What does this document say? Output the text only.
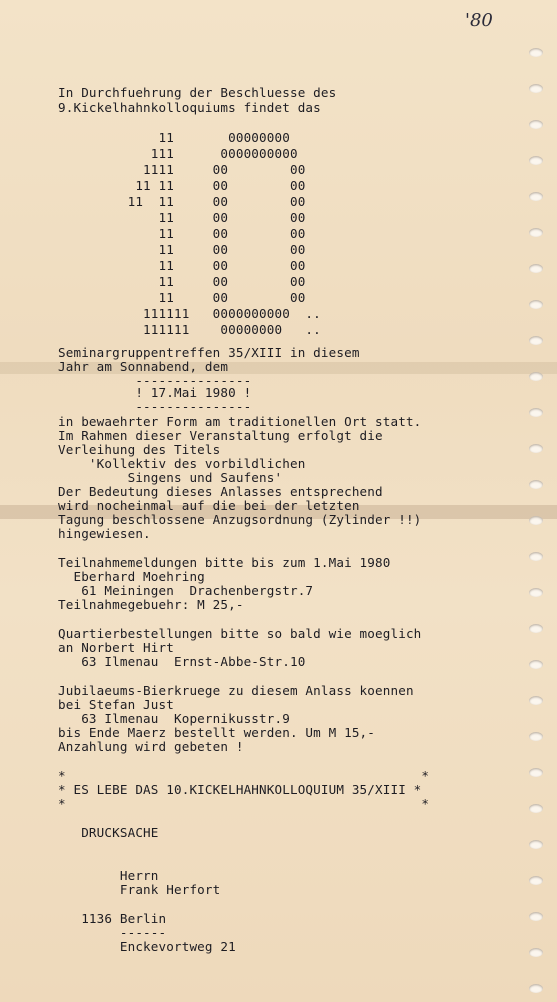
'80
In Durchfuehrung der Beschluesse des
9.Kickelhahnkolloquiums findet das
11       00000000
111      0000000000
1111     00        00
11 11     00        00
11  11     00        00
11     00        00
11     00        00
11     00        00
11     00        00
11     00        00
11     00        00
111111   0000000000  ..
111111    00000000   ..
Seminargruppentreffen 35/XIII in diesem
Jahr am Sonnabend, dem
---------------
! 17.Mai 1980 !
---------------
in bewaehrter Form am traditionellen Ort statt.
Im Rahmen dieser Veranstaltung erfolgt die
Verleihung des Titels
'Kollektiv des vorbildlichen
Singens und Saufens'
Der Bedeutung dieses Anlasses entsprechend
wird nocheinmal auf die bei der letzten
Tagung beschlossene Anzugsordnung (Zylinder !!)
hingewiesen.
Teilnahmemeldungen bitte bis zum 1.Mai 1980
Eberhard Moehring
61 Meiningen  Drachenbergstr.7
Teilnahmegebuehr: M 25,-
Quartierbestellungen bitte so bald wie moeglich
an Norbert Hirt
63 Ilmenau  Ernst-Abbe-Str.10
Jubilaeums-Bierkruege zu diesem Anlass koennen
bei Stefan Just
63 Ilmenau  Kopernikusstr.9
bis Ende Maerz bestellt werden. Um M 15,-
Anzahlung wird gebeten !
*                                              *
* ES LEBE DAS 10.KICKELHAHNKOLLOQUIUM 35/XIII *
*                                              *
DRUCKSACHE
Herrn
Frank Herfort
1136 Berlin
------
Enckevortweg 21
